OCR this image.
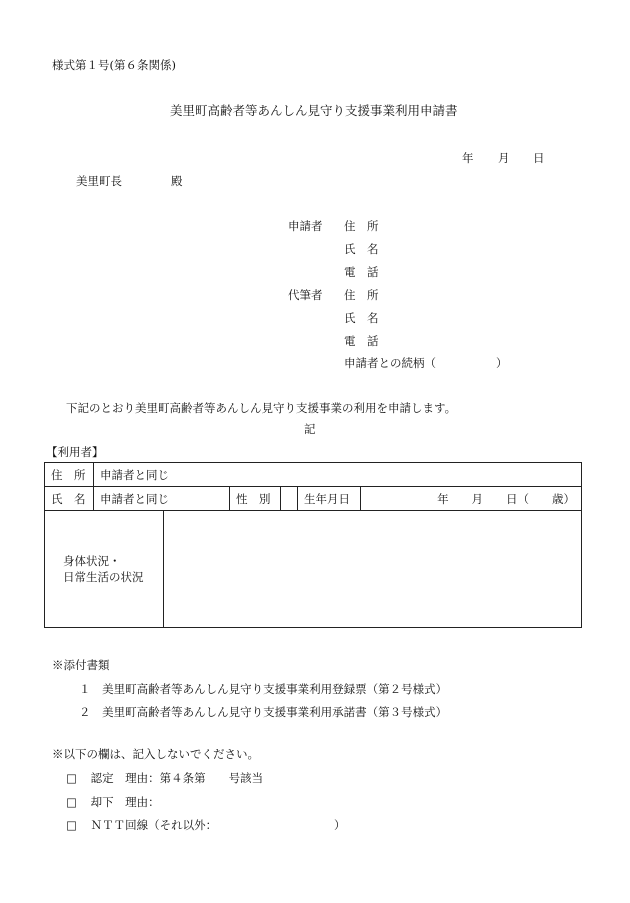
様式第１号(第６条関係)
美里町高齢者等あんしん見守り支援事業利用申請書
年 月 日
美里町長	殿
申請者 住　所
氏　名
電　話
代筆者 住　所
氏　名
電　話
申請者との続柄（	）
下記のとおり美里町高齢者等あんしん見守り支援事業の利用を申請します。
記
【利用者】
住　所	申請者と同じ					
氏　名	申請者と同じ		性　別		生年月日	年　　月　　日（　　歳）

身体状況・
日常生活の状況						

※添付書類
１ 美里町高齢者等あんしん見守り支援事業利用登録票（第２号様式）
２ 美里町高齢者等あんしん見守り支援事業利用承諾書（第３号様式）
※以下の欄は、記入しないでください。
□ 認定　理由：第４条第　　号該当
□ 却下　理由：
□ ＮＴＴ回線（それ以外：	）
